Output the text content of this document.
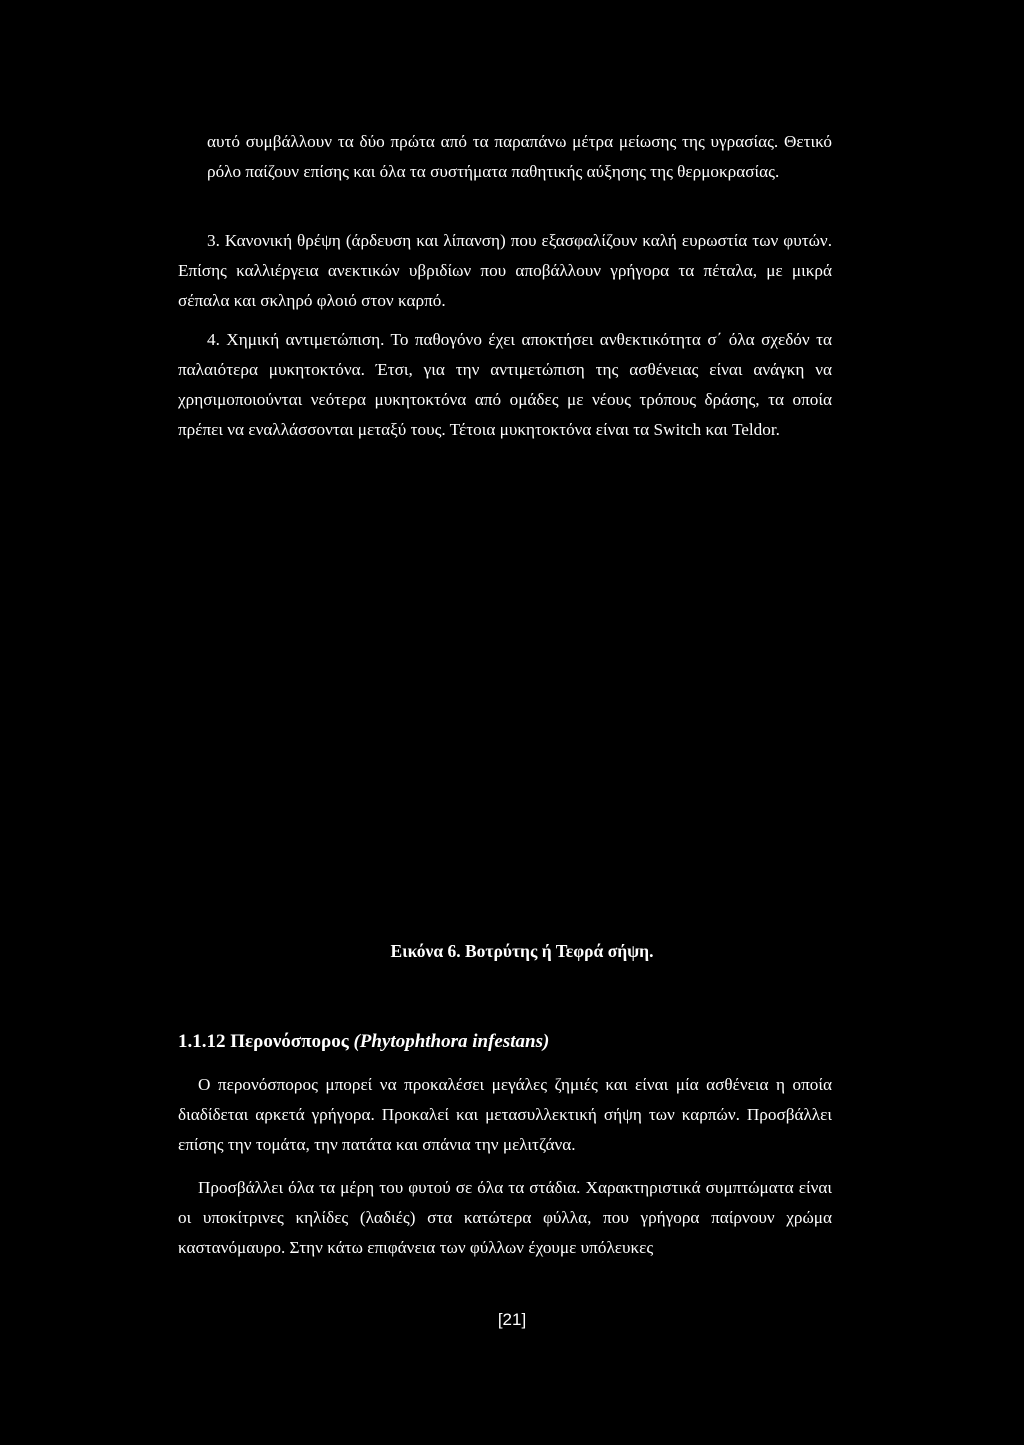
αυτό συμβάλλουν τα δύο πρώτα από τα παραπάνω μέτρα μείωσης της υγρασίας. Θετικό ρόλο παίζουν επίσης και όλα τα συστήματα παθητικής αύξησης της θερμοκρασίας.

3. Κανονική θρέψη (άρδευση και λίπανση) που εξασφαλίζουν καλή ευρωστία των φυτών. Επίσης καλλιέργεια ανεκτικών υβριδίων που αποβάλλουν γρήγορα τα πέταλα, με μικρά σέπαλα και σκληρό φλοιό στον καρπό.

4. Χημική αντιμετώπιση. Το παθογόνο έχει αποκτήσει ανθεκτικότητα σ΄ όλα σχεδόν τα παλαιότερα μυκητοκτόνα. Έτσι, για την αντιμετώπιση της ασθένειας είναι ανάγκη να χρησιμοποιούνται νεότερα μυκητοκτόνα από ομάδες με νέους τρόπους δράσης, τα οποία πρέπει να εναλλάσσονται μεταξύ τους. Τέτοια μυκητοκτόνα είναι τα Switch και Teldor.

Εικόνα 6. Βοτρύτης ή Τεφρά σήψη.
1.1.12 Περονόσπορος (Phytophthora infestans)

Ο περονόσπορος μπορεί να προκαλέσει μεγάλες ζημιές και είναι μία ασθένεια η οποία διαδίδεται αρκετά γρήγορα. Προκαλεί και μετασυλλεκτική σήψη των καρπών. Προσβάλλει επίσης την τομάτα, την πατάτα και σπάνια την μελιτζάνα.

Προσβάλλει όλα τα μέρη του φυτού σε όλα τα στάδια. Χαρακτηριστικά συμπτώματα είναι οι υποκίτρινες κηλίδες (λαδιές) στα κατώτερα φύλλα, που γρήγορα παίρνουν χρώμα καστανόμαυρο. Στην κάτω επιφάνεια των φύλλων έχουμε υπόλευκες

[21]
